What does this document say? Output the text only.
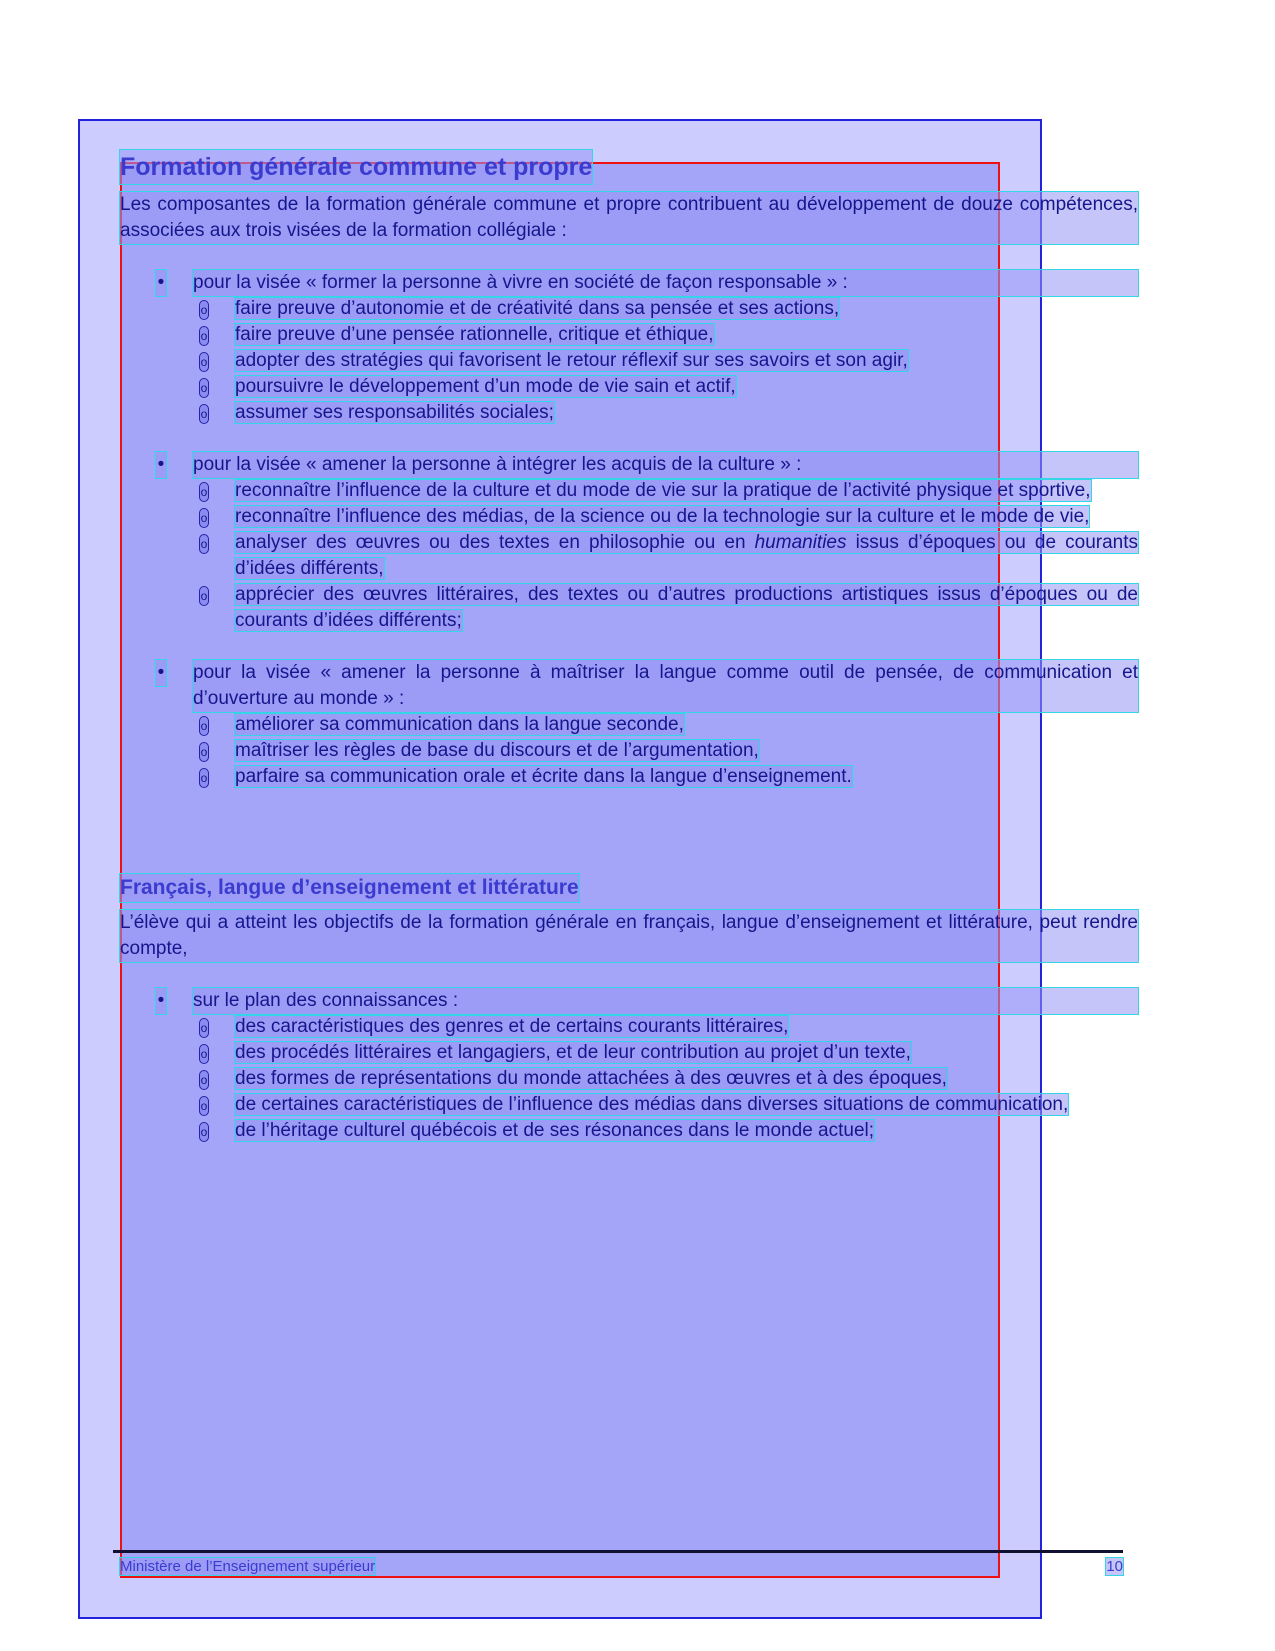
Formation générale commune et propre

Les composantes de la formation générale commune et propre contribuent au développement de douze compétences, associées aux trois visées de la formation collégiale :

• pour la visée « former la personne à vivre en société de façon responsable » :
o faire preuve d’autonomie et de créativité dans sa pensée et ses actions,
o faire preuve d’une pensée rationnelle, critique et éthique,
o adopter des stratégies qui favorisent le retour réflexif sur ses savoirs et son agir,
o poursuivre le développement d’un mode de vie sain et actif,
o assumer ses responsabilités sociales;
• pour la visée « amener la personne à intégrer les acquis de la culture » :
o reconnaître l’influence de la culture et du mode de vie sur la pratique de l’activité physique et sportive,
o reconnaître l’influence des médias, de la science ou de la technologie sur la culture et le mode de vie,
o analyser des œuvres ou des textes en philosophie ou en humanities issus d’époques ou de courants d’idées différents,
o apprécier des œuvres littéraires, des textes ou d’autres productions artistiques issus d’époques ou de courants d’idées différents;
• pour la visée « amener la personne à maîtriser la langue comme outil de pensée, de communication et d’ouverture au monde » :
o améliorer sa communication dans la langue seconde,
o maîtriser les règles de base du discours et de l’argumentation,
o parfaire sa communication orale et écrite dans la langue d’enseignement.
Français, langue d’enseignement et littérature

L’élève qui a atteint les objectifs de la formation générale en français, langue d’enseignement et littérature, peut rendre compte,

• sur le plan des connaissances :
o des caractéristiques des genres et de certains courants littéraires,
o des procédés littéraires et langagiers, et de leur contribution au projet d’un texte,
o des formes de représentations du monde attachées à des œuvres et à des époques,
o de certaines caractéristiques de l’influence des médias dans diverses situations de communication,
o de l’héritage culturel québécois et de ses résonances dans le monde actuel;
Ministère de l’Enseignement supérieur	10
